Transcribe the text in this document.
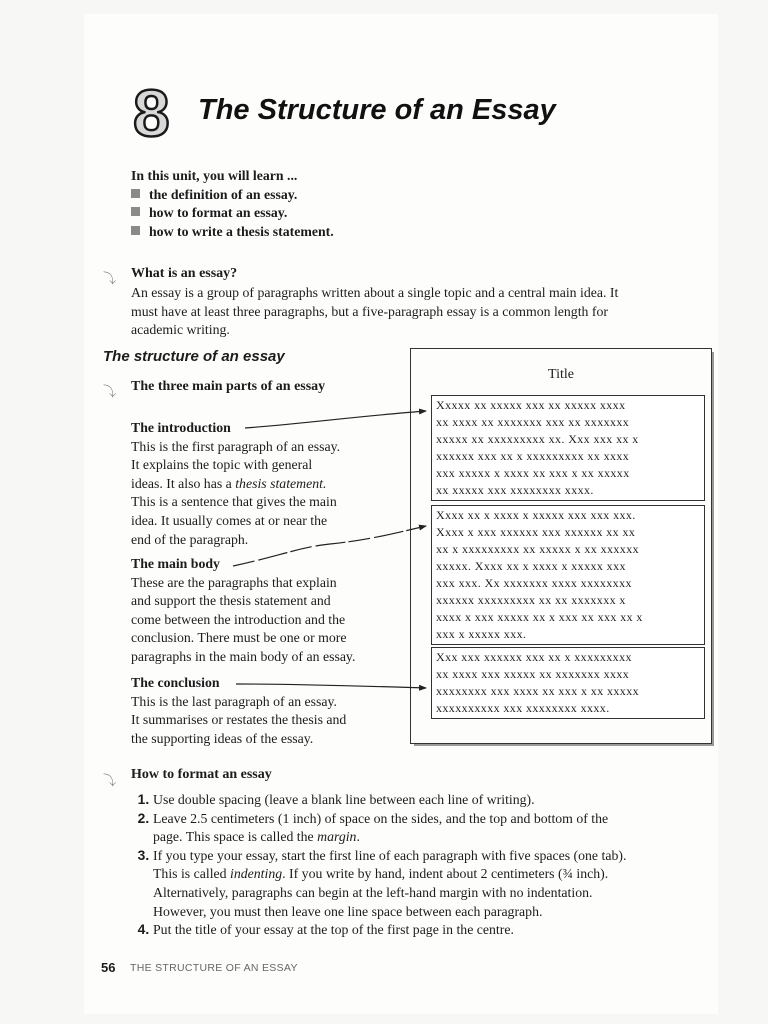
8 The Structure of an Essay
In this unit, you will learn ...
the definition of an essay.
how to format an essay.
how to write a thesis statement.
⤵ What is an essay?
An essay is a group of paragraphs written about a single topic and a central main idea. It
must have at least three paragraphs, but a five-paragraph essay is a common length for
academic writing.
The structure of an essay
⤵ The three main parts of an essay
The introduction
This is the first paragraph of an essay.
It explains the topic with general
ideas. It also has a thesis statement.
This is a sentence that gives the main
idea. It usually comes at or near the
end of the paragraph.
The main body
These are the paragraphs that explain
and support the thesis statement and
come between the introduction and the
conclusion. There must be one or more
paragraphs in the main body of an essay.
The conclusion
This is the last paragraph of an essay.
It summarises or restates the thesis and
the supporting ideas of the essay.
Title
Xxxxx xx xxxxx xxx xx xxxxx xxxx
xx xxxx xx xxxxxxx xxx xx xxxxxxx
xxxxx xx xxxxxxxxx xx. Xxx xxx xx x
xxxxxx xxx xx x xxxxxxxxx xx xxxx
xxx xxxxx x xxxx xx xxx x xx xxxxx
xx xxxxx xxx xxxxxxxx xxxx.
Xxxx xx x xxxx x xxxxx xxx xxx xxx.
Xxxx x xxx xxxxxx xxx xxxxxx xx xx
xx x xxxxxxxxx xx xxxxx x xx xxxxxx
xxxxx. Xxxx xx x xxxx x xxxxx xxx
xxx xxx. Xx xxxxxxx xxxx xxxxxxxx
xxxxxx xxxxxxxxx xx xx xxxxxxx x
xxxx x xxx xxxxx xx x xxx xx xxx xx x
xxx x xxxxx xxx.
Xxx xxx xxxxxx xxx xx x xxxxxxxxx
xx xxxx xxx xxxxx xx xxxxxxx xxxx
xxxxxxxx xxx xxxx xx xxx x xx xxxxx
xxxxxxxxxx xxx xxxxxxxx xxxx.
⤵ How to format an essay
1. Use double spacing (leave a blank line between each line of writing).
2. Leave 2.5 centimeters (1 inch) of space on the sides, and the top and bottom of the
page. This space is called the margin.
3. If you type your essay, start the first line of each paragraph with five spaces (one tab).
This is called indenting. If you write by hand, indent about 2 centimeters (¾ inch).
Alternatively, paragraphs can begin at the left-hand margin with no indentation.
However, you must then leave one line space between each paragraph.
4. Put the title of your essay at the top of the first page in the centre.
56 THE STRUCTURE OF AN ESSAY
